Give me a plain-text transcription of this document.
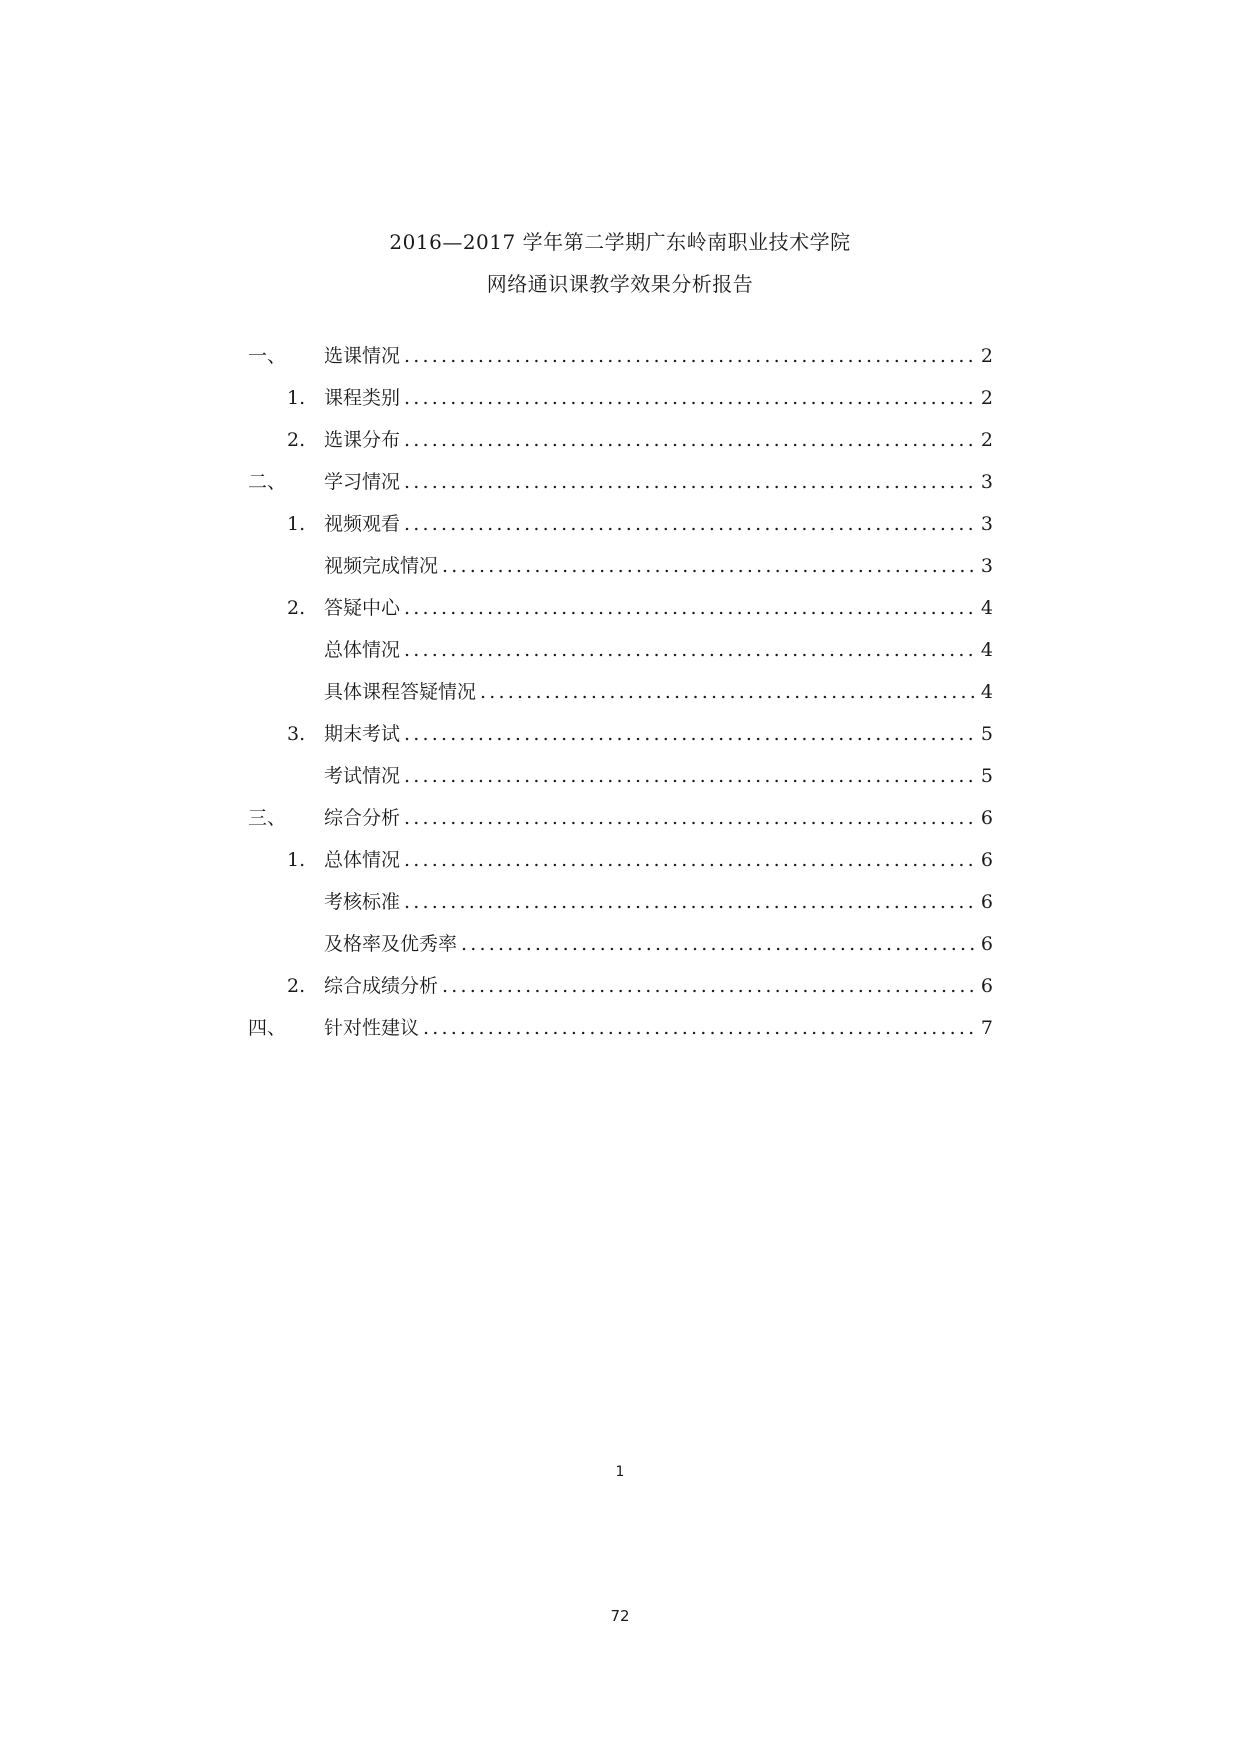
2016—2017 学年第二学期广东岭南职业技术学院
网络通识课教学效果分析报告
一、 选课情况 .....	2
1. 课程类别 .....	2
2. 选课分布 .....	2
二、 学习情况 .....	3
1. 视频观看 .....	3
视频完成情况 .....	3
2. 答疑中心 .....	4
总体情况 .....	4
具体课程答疑情况 .....	4
3. 期末考试 .....	5
考试情况 .....	5
三、 综合分析 .....	6
1. 总体情况 .....	6
考核标准 .....	6
及格率及优秀率 .....	6
2. 综合成绩分析 .....	6
四、 针对性建议 .....	7
1
72
